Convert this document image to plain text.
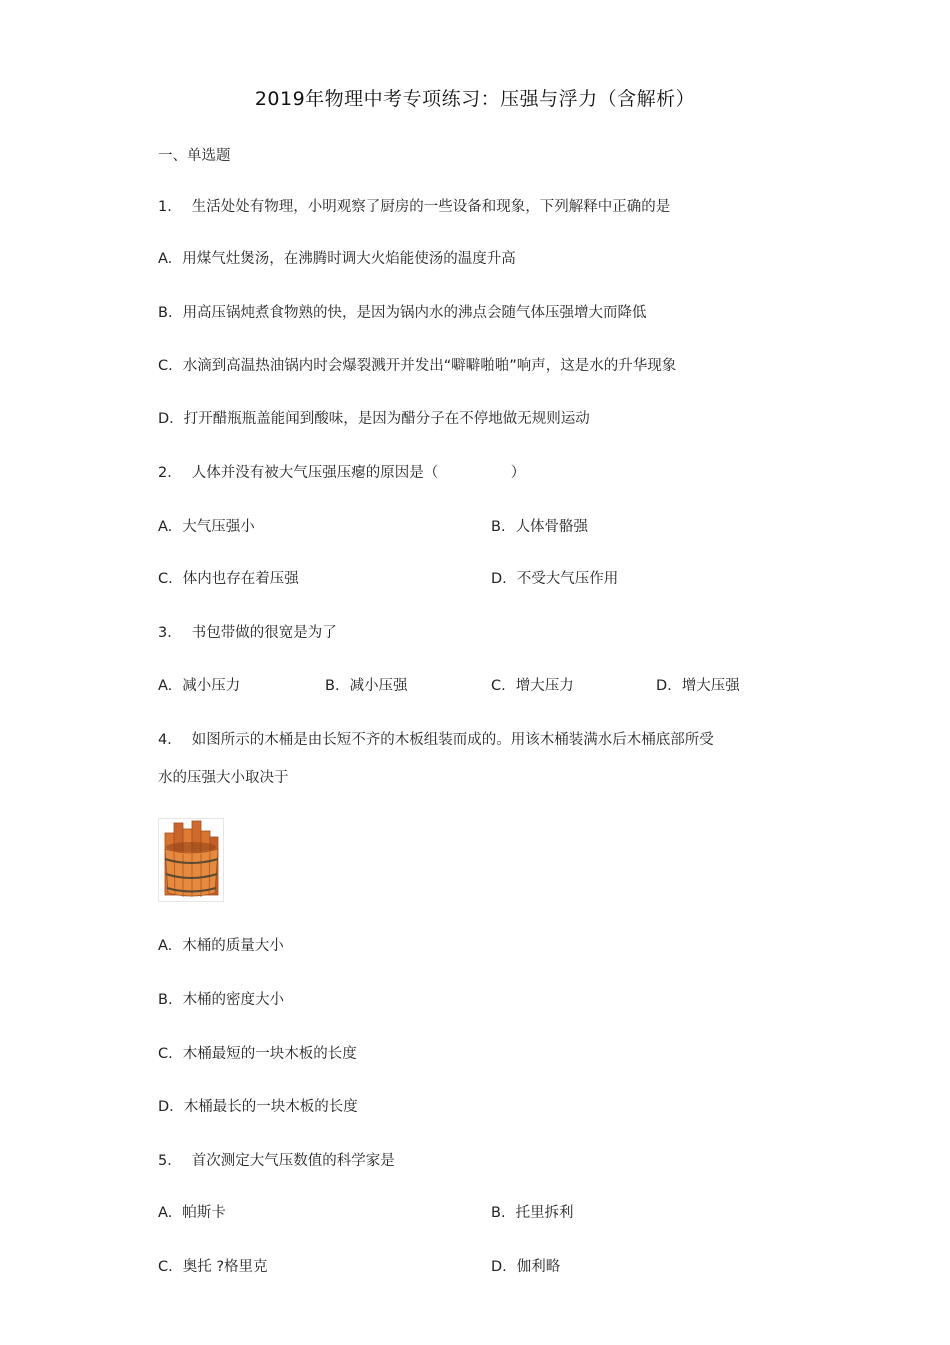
2019年物理中考专项练习：压强与浮力（含解析）
一、单选题
1． 生活处处有物理，小明观察了厨房的一些设备和现象，下列解释中正确的是
A. 用煤气灶煲汤，在沸腾时调大火焰能使汤的温度升高
B. 用高压锅炖煮食物熟的快，是因为锅内水的沸点会随气体压强增大而降低
C. 水滴到高温热油锅内时会爆裂溅开并发出“噼噼啪啪”响声，这是水的升华现象
D. 打开醋瓶瓶盖能闻到酸味，是因为醋分子在不停地做无规则运动
2． 人体并没有被大气压强压瘪的原因是（　　　　　）
A. 大气压强小	B. 人体骨骼强
C. 体内也存在着压强	D. 不受大气压作用
3． 书包带做的很宽是为了
A. 减小压力	B. 减小压强	C. 增大压力	D. 增大压强
4． 如图所示的木桶是由长短不齐的木板组装而成的。用该木桶装满水后木桶底部所受
水的压强大小取决于
A. 木桶的质量大小
B. 木桶的密度大小
C. 木桶最短的一块木板的长度
D. 木桶最长的一块木板的长度
5． 首次测定大气压数值的科学家是
A. 帕斯卡	B. 托里拆利
C. 奥托 ?格里克	D. 伽利略
